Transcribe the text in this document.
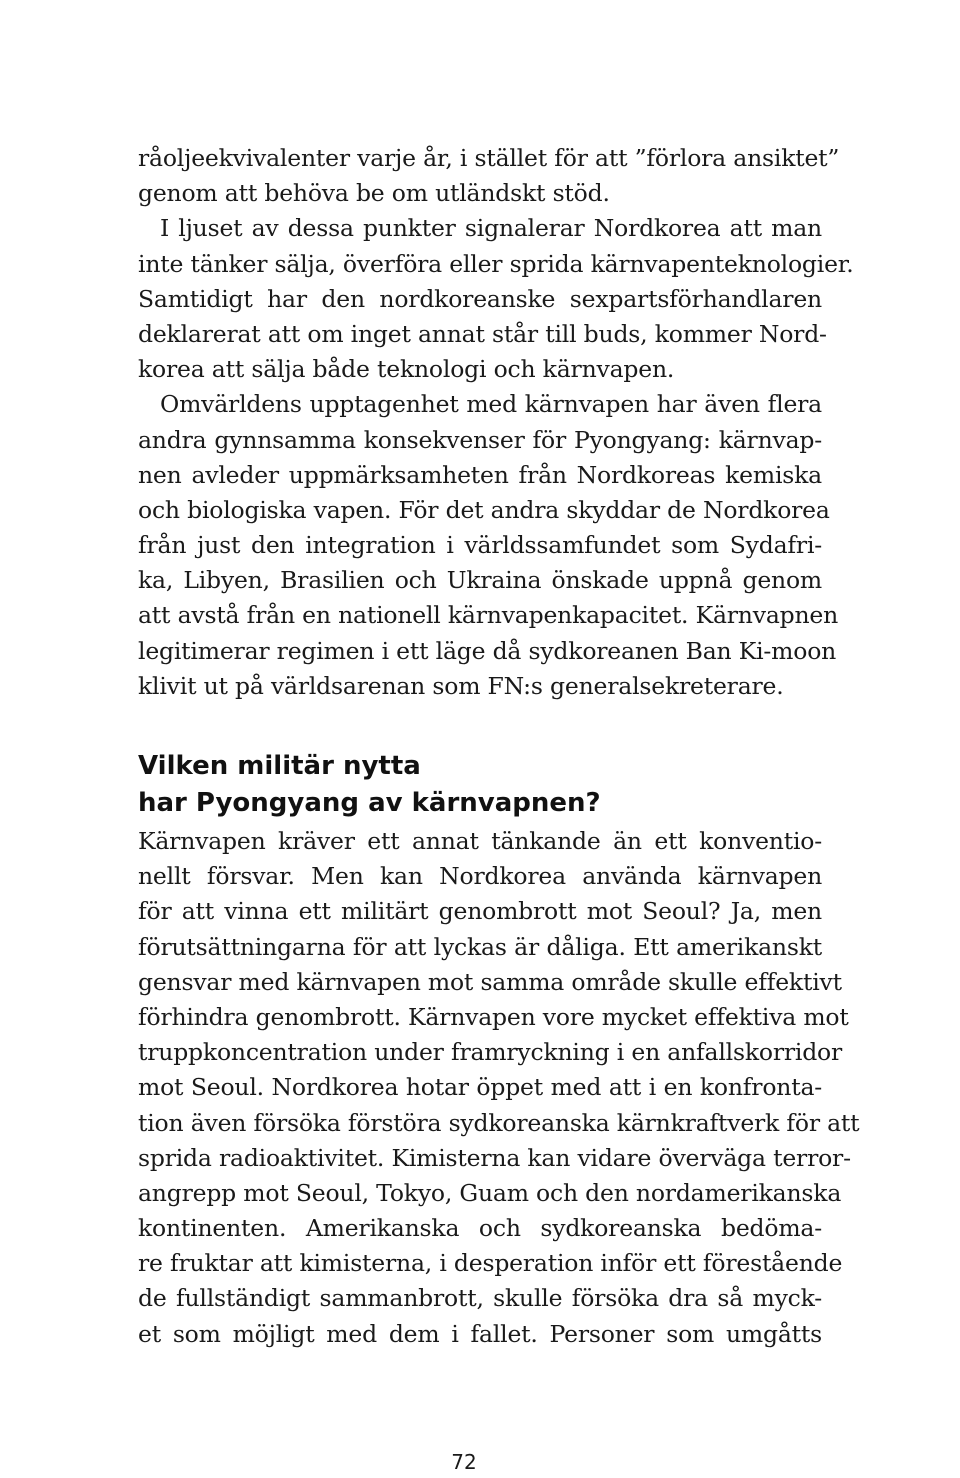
råoljeekvivalenter varje år, i stället för att ”förlora ansiktet”
genom att behöva be om utländskt stöd.
I ljuset av dessa punkter signalerar Nordkorea att man
inte tänker sälja, överföra eller sprida kärnvapenteknologier.
Samtidigt har den nordkoreanske sexpartsförhandlaren
deklarerat att om inget annat står till buds, kommer Nord-
korea att sälja både teknologi och kärnvapen.
Omvärldens upptagenhet med kärnvapen har även flera
andra gynnsamma konsekvenser för Pyongyang: kärnvap-
nen avleder uppmärksamheten från Nordkoreas kemiska
och biologiska vapen. För det andra skyddar de Nordkorea
från just den integration i världssamfundet som Sydafri-
ka, Libyen, Brasilien och Ukraina önskade uppnå genom
att avstå från en nationell kärnvapenkapacitet. Kärnvapnen
legitimerar regimen i ett läge då sydkoreanen Ban Ki-moon
klivit ut på världsarenan som FN:s generalsekreterare.
Vilken militär nytta
har Pyongyang av kärnvapnen?
Kärnvapen kräver ett annat tänkande än ett konventio-
nellt försvar. Men kan Nordkorea använda kärnvapen
för att vinna ett militärt genombrott mot Seoul? Ja, men
förutsättningarna för att lyckas är dåliga. Ett amerikanskt
gensvar med kärnvapen mot samma område skulle effektivt
förhindra genombrott. Kärnvapen vore mycket effektiva mot
truppkoncentration under framryckning i en anfallskorridor
mot Seoul. Nordkorea hotar öppet med att i en konfronta-
tion även försöka förstöra sydkoreanska kärnkraftverk för att
sprida radioaktivitet. Kimisterna kan vidare överväga terror-
angrepp mot Seoul, Tokyo, Guam och den nordamerikanska
kontinenten. Amerikanska och sydkoreanska bedöma-
re fruktar att kimisterna, i desperation inför ett förestående
de fullständigt sammanbrott, skulle försöka dra så myck-
et som möjligt med dem i fallet. Personer som umgåtts
72
